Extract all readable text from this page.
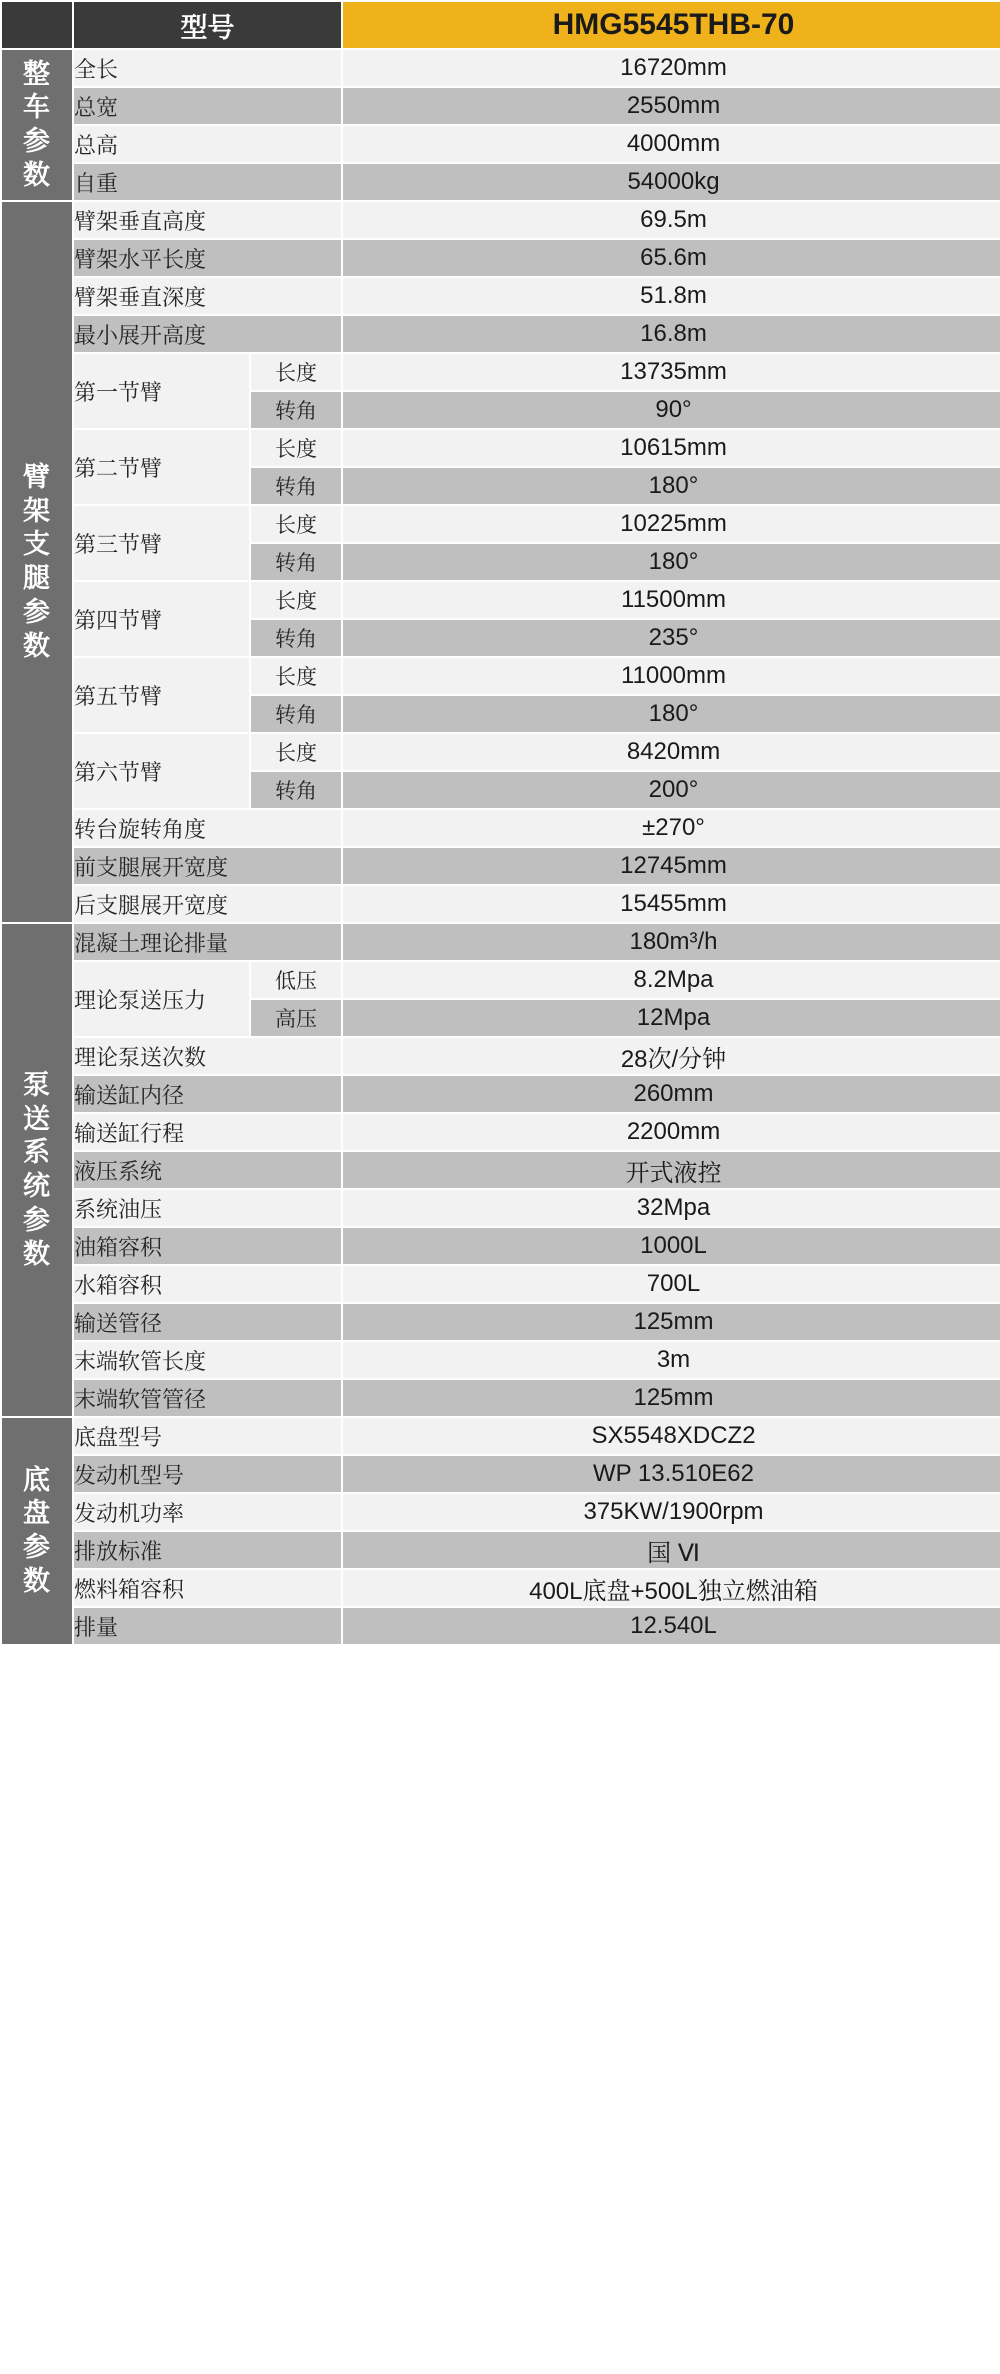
	型号		HMG5545THB-70

整
车
参
数	全长		16720mm
	总宽		2550mm
	总高		4000mm
	自重		54000kg

臂
架
支
腿
参
数
	臂架垂直高度	69.5m
	臂架水平长度		65.6m
	臂架垂直深度		51.8m
	最小展开高度		16.8m
	第一节臂	长度	13735mm
		转角	90°
	第二节臂	长度	10615mm
		转角	180°
	第三节臂	长度	10225mm
		转角	180°
	第四节臂	长度	11500mm
		转角	235°
	第五节臂	长度	11000mm
		转角	180°
	第六节臂	长度	8420mm
		转角	200°
	转台旋转角度		±270°
	前支腿展开宽度		12745mm
	后支腿展开宽度		15455mm

泵
送
系
统
参
数
	混凝土理论排量	180m³/h
	理论泵送压力	低压	8.2Mpa
		高压	12Mpa
	理论泵送次数		28次/分钟
	输送缸内径		260mm
	输送缸行程		2200mm
	液压系统		开式液控
	系统油压		32Mpa
	油箱容积		1000L
	水箱容积		700L
	输送管径		125mm
	末端软管长度		3m
	末端软管管径		125mm

底
盘
参
数	底盘型号		SX5548XDCZ2
	发动机型号		WP 13.510E62
	发动机功率		375KW/1900rpm
	排放标准		国 Ⅵ
	燃料箱容积		400L底盘+500L独立燃油箱
	排量		12.540L
